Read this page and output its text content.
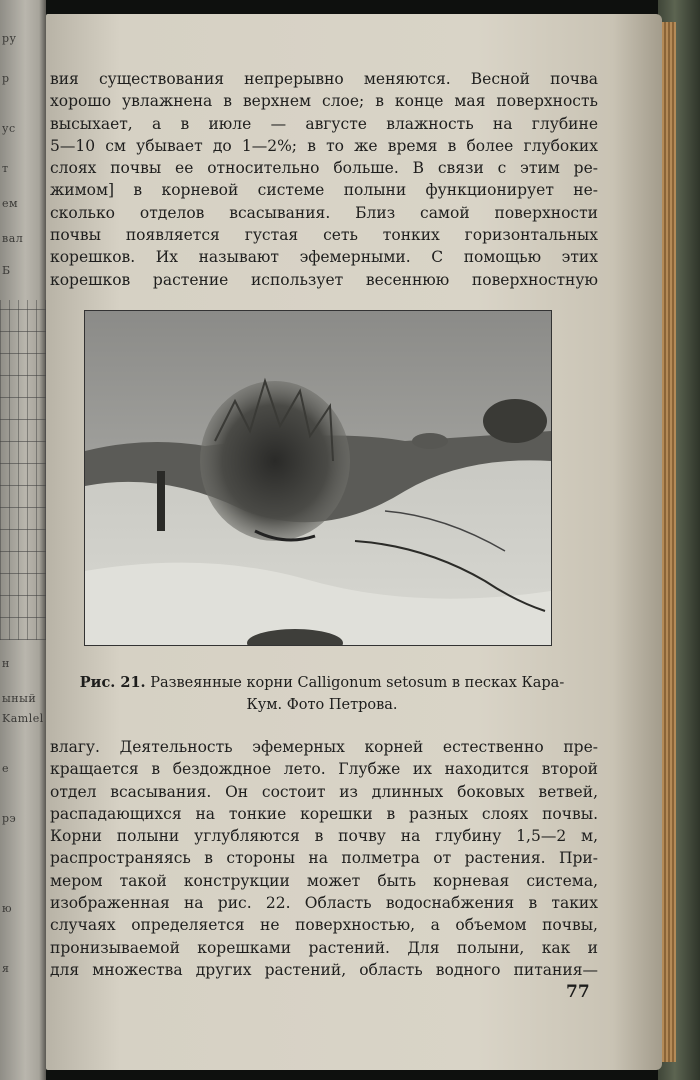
ру
р
ус
т
ем
вал
Б
н
ыный
Kamlel
е
рэ
ю
я
вия существования непрерывно меняются. Весной почва
хорошо увлажнена в верхнем слое; в конце мая поверхность
высыхает, а в июле — августе влажность на глубине
5—10 см убывает до 1—2%; в то же время в более глубоких
слоях почвы ее относительно больше. В связи с этим ре-
жимом] в корневой системе полыни функционирует не-
сколько отделов всасывания. Близ самой поверхности
почвы появляется густая сеть тонких горизонтальных
корешков. Их называют эфемерными. С помощью этих
корешков растение использует весеннюю поверхностную
Рис. 21. Развеянные корни Calligonum setosum в песках Кара-
Кум. Фото Петрова.
влагу. Деятельность эфемерных корней естественно пре-
кращается в бездождное лето. Глубже их находится второй
отдел всасывания. Он состоит из длинных боковых ветвей,
распадающихся на тонкие корешки в разных слоях почвы.
Корни полыни углубляются в почву на глубину 1,5—2 м,
распространяясь в стороны на полметра от растения. При-
мером такой конструкции может быть корневая система,
изображенная на рис. 22. Область водоснабжения в таких
случаях определяется не поверхностью, а объемом почвы,
пронизываемой корешками растений. Для полыни, как и
для множества других растений, область водного питания—
77
